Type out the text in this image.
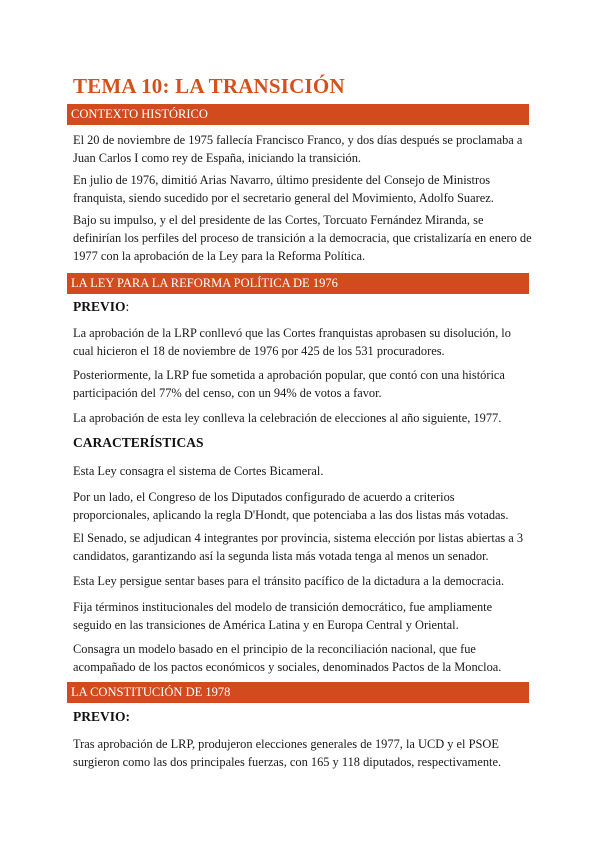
TEMA 10: LA TRANSICIÓN
CONTEXTO HISTÓRICO
El 20 de noviembre de 1975 fallecía Francisco Franco, y dos días después se proclamaba a Juan Carlos I como rey de España, iniciando la transición.
En julio de 1976, dimitió Arias Navarro, último presidente del Consejo de Ministros franquista, siendo sucedido por el secretario general del Movimiento, Adolfo Suarez.
Bajo su impulso, y el del presidente de las Cortes, Torcuato Fernández Miranda, se definirían los perfiles del proceso de transición a la democracia, que cristalizaría en enero de 1977 con la aprobación de la Ley para la Reforma Política.
LA LEY PARA LA REFORMA POLÍTICA DE 1976
PREVIO:
La aprobación de la LRP conllevó que las Cortes franquistas aprobasen su disolución, lo cual hicieron el 18 de noviembre de 1976 por 425 de los 531 procuradores.
Posteriormente, la LRP fue sometida a aprobación popular, que contó con una histórica participación del 77% del censo, con un 94% de votos a favor.
La aprobación de esta ley conlleva la celebración de elecciones al año siguiente, 1977.
CARACTERÍSTICAS
Esta Ley consagra el sistema de Cortes Bicameral.
Por un lado, el Congreso de los Diputados configurado de acuerdo a criterios proporcionales, aplicando la regla D'Hondt, que potenciaba a las dos listas más votadas.
El Senado, se adjudican 4 integrantes por provincia, sistema elección por listas abiertas a 3 candidatos, garantizando así la segunda lista más votada tenga al menos un senador.
Esta Ley persigue sentar bases para el tránsito pacífico de la dictadura a la democracia.
Fija términos institucionales del modelo de transición democrático, fue ampliamente seguido en las transiciones de América Latina y en Europa Central y Oriental.
Consagra un modelo basado en el principio de la reconciliación nacional, que fue acompañado de los pactos económicos y sociales, denominados Pactos de la Moncloa.
LA CONSTITUCIÓN DE 1978
PREVIO:
Tras aprobación de LRP, produjeron elecciones generales de 1977, la UCD y el PSOE surgieron como las dos principales fuerzas, con 165 y 118 diputados, respectivamente.
